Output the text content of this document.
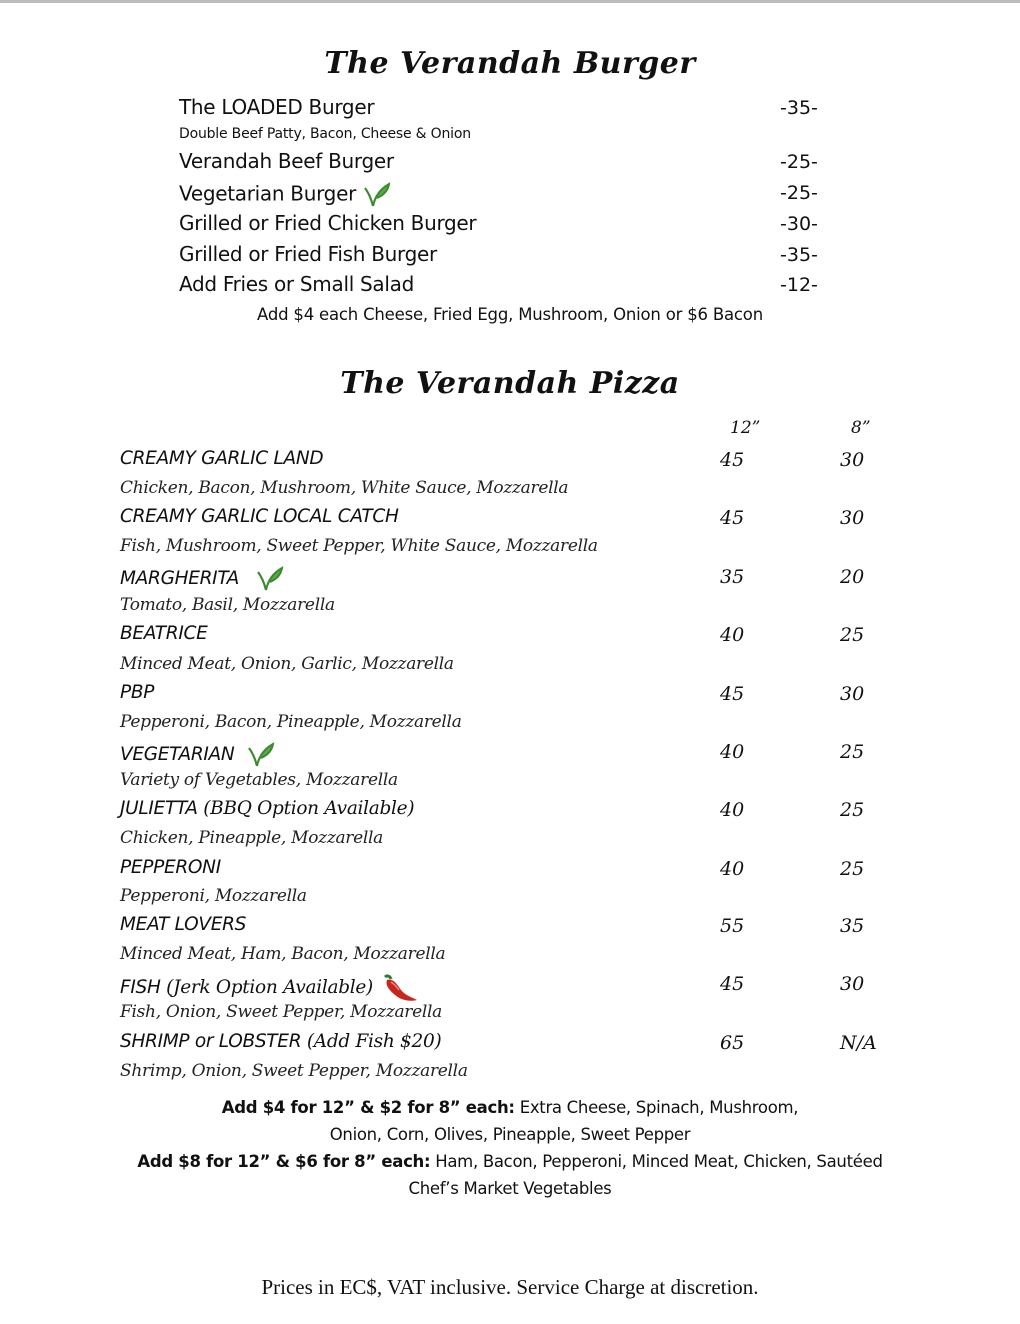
The Verandah Burger
The LOADED Burger	-35-
Double Beef Patty, Bacon, Cheese & Onion
Verandah Beef Burger	-25-
Vegetarian Burger	-25-
Grilled or Fried Chicken Burger	-30-
Grilled or Fried Fish Burger	-35-
Add Fries or Small Salad	-12-
Add $4 each Cheese, Fried Egg, Mushroom, Onion or $6 Bacon
The Verandah Pizza
12”	8”
CREAMY GARLIC LAND	45	30
Chicken, Bacon, Mushroom, White Sauce, Mozzarella
CREAMY GARLIC LOCAL CATCH	45	30
Fish, Mushroom, Sweet Pepper, White Sauce, Mozzarella
MARGHERITA	35	20
Tomato, Basil, Mozzarella
BEATRICE	40	25
Minced Meat, Onion, Garlic, Mozzarella
PBP	45	30
Pepperoni, Bacon, Pineapple, Mozzarella
VEGETARIAN	40	25
Variety of Vegetables, Mozzarella
JULIETTA (BBQ Option Available)	40	25
Chicken, Pineapple, Mozzarella
PEPPERONI	40	25
Pepperoni, Mozzarella
MEAT LOVERS	55	35
Minced Meat, Ham, Bacon, Mozzarella
FISH (Jerk Option Available)	45	30
Fish, Onion, Sweet Pepper, Mozzarella
SHRIMP or LOBSTER (Add Fish $20)	65	N/A
Shrimp, Onion, Sweet Pepper, Mozzarella
Add $4 for 12” & $2 for 8” each: Extra Cheese, Spinach, Mushroom,
Onion, Corn, Olives, Pineapple, Sweet Pepper
Add $8 for 12” & $6 for 8” each: Ham, Bacon, Pepperoni, Minced Meat, Chicken, Sautéed
Chef’s Market Vegetables
Prices in EC$, VAT inclusive. Service Charge at discretion.
